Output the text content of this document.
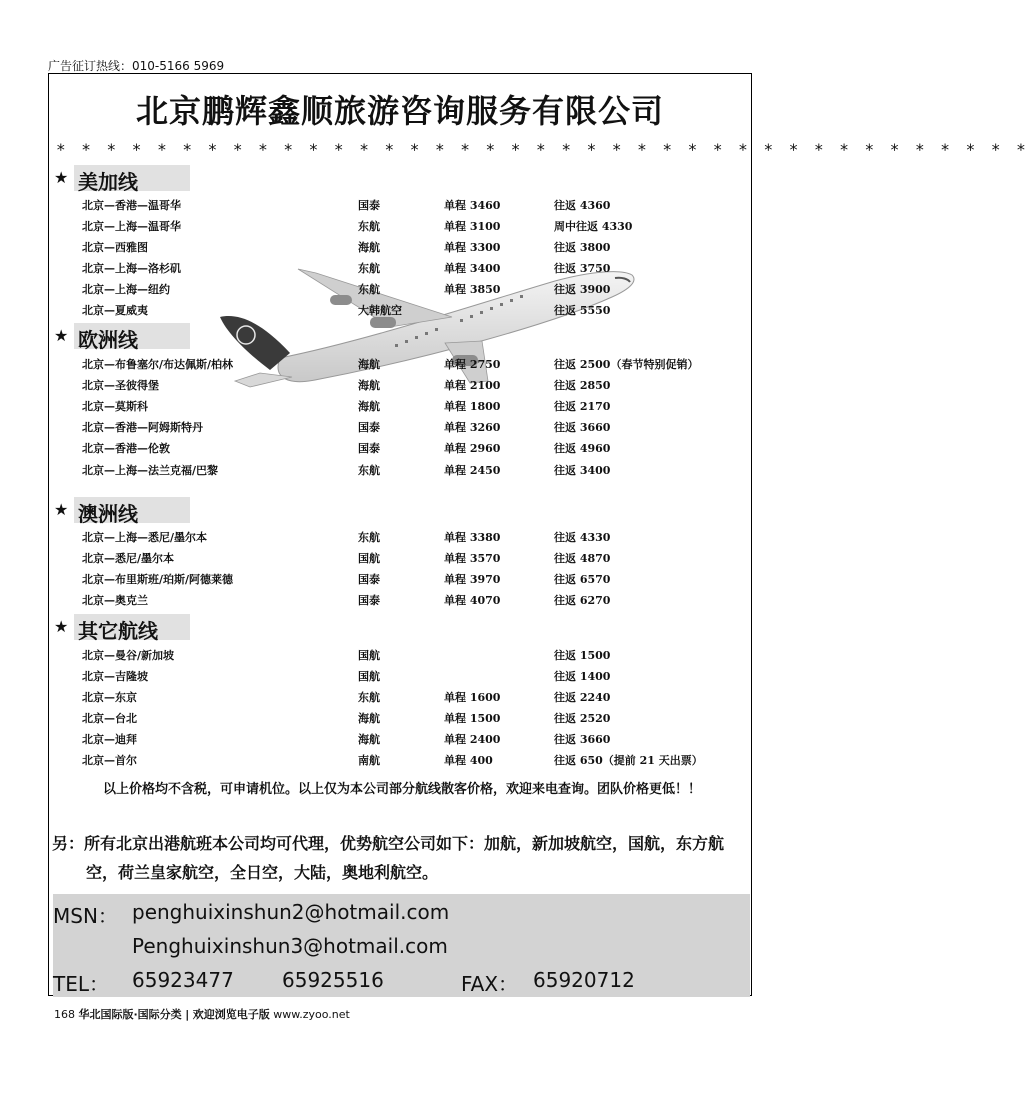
广告征订热线：010-5166 5969
北京鹏辉鑫顺旅游咨询服务有限公司
* * * * * * * * * * * * * * * * * * * * * * * * * * * * * * * * * * * * * * *
★ 美加线
北京—香港—温哥华	国泰	单程 3460	往返 4360
北京—上海—温哥华	东航	单程 3100	周中往返 4330
北京—西雅图	海航	单程 3300	往返 3800
北京—上海—洛杉矶	东航	单程 3400	往返 3750
北京—上海—纽约	东航	单程 3850	往返 3900
北京—夏威夷	大韩航空	往返 5550
★ 欧洲线
北京—布鲁塞尔/布达佩斯/柏林	海航	单程 2750	往返 2500（春节特别促销）
北京—圣彼得堡	海航	单程 2100	往返 2850
北京—莫斯科	海航	单程 1800	往返 2170
北京—香港—阿姆斯特丹	国泰	单程 3260	往返 3660
北京—香港—伦敦	国泰	单程 2960	往返 4960
北京—上海—法兰克福/巴黎	东航	单程 2450	往返 3400
★ 澳洲线
北京—上海—悉尼/墨尔本	东航	单程 3380	往返 4330
北京—悉尼/墨尔本	国航	单程 3570	往返 4870
北京—布里斯班/珀斯/阿德莱德	国泰	单程 3970	往返 6570
北京—奥克兰	国泰	单程 4070	往返 6270
★ 其它航线
北京—曼谷/新加坡	国航	往返 1500
北京—吉隆坡	国航	往返 1400
北京—东京	东航	单程 1600	往返 2240
北京—台北	海航	单程 1500	往返 2520
北京—迪拜	海航	单程 2400	往返 3660
北京—首尔	南航	单程 400	往返 650（提前 21 天出票）
以上价格均不含税，可申请机位。以上仅为本公司部分航线散客价格，欢迎来电查询。团队价格更低！！
另：所有北京出港航班本公司均可代理，优势航空公司如下：加航，新加坡航空，国航，东方航空，荷兰皇家航空，全日空，大陆，奥地利航空。
MSN： penghuixinshun2@hotmail.com
Penghuixinshun3@hotmail.com
TEL： 65923477 65925516	FAX： 65920712
168 华北国际版·国际分类 | 欢迎浏览电子版 www.zyoo.net
